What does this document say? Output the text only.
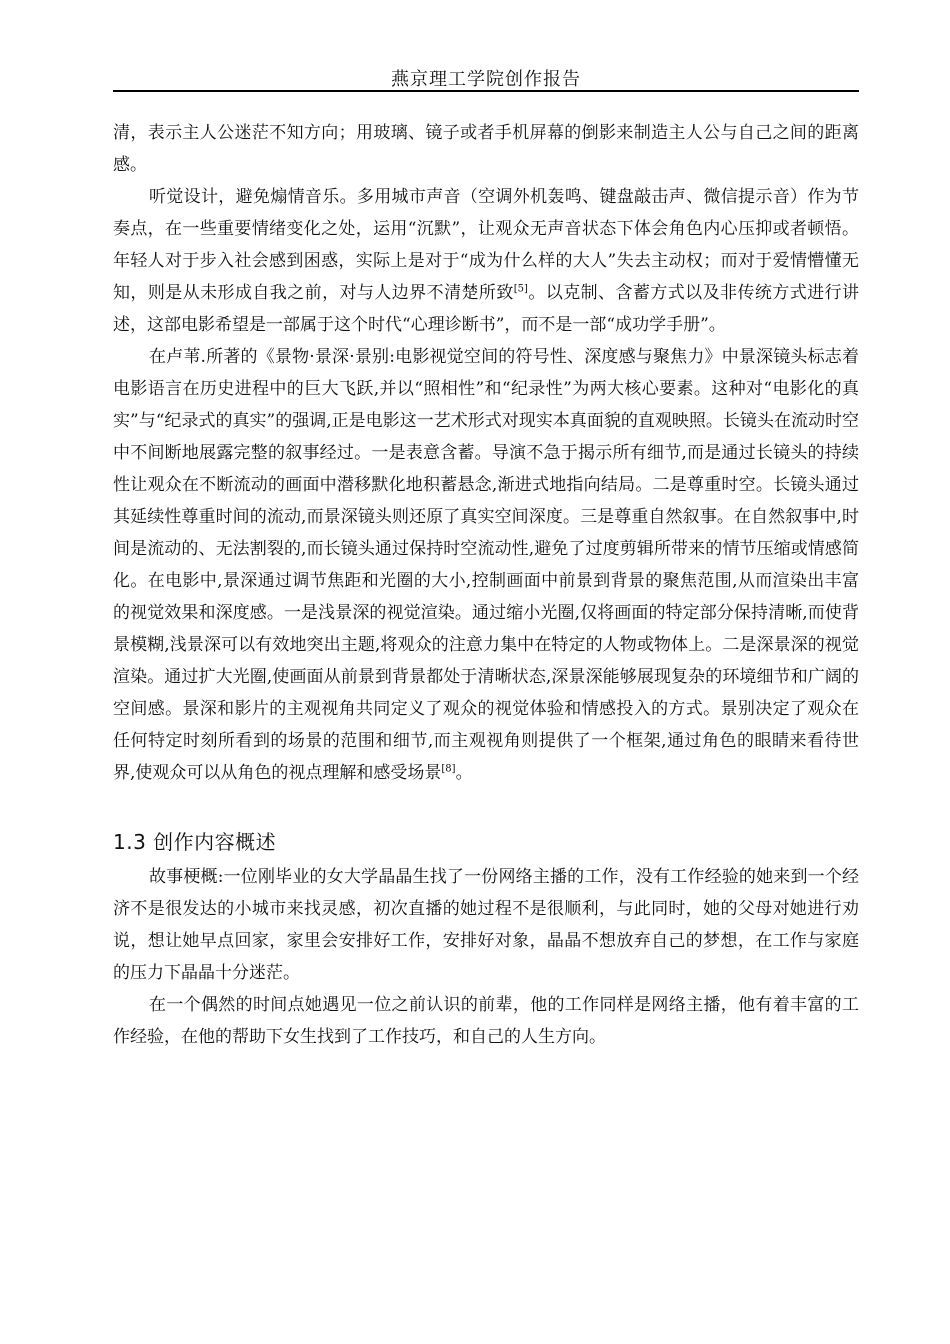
燕京理工学院创作报告

清，表示主人公迷茫不知方向；用玻璃、镜子或者手机屏幕的倒影来制造主人公与自己之间的距离感。

听觉设计，避免煽情音乐。多用城市声音（空调外机轰鸣、键盘敲击声、微信提示音）作为节奏点，在一些重要情绪变化之处，运用“沉默”，让观众无声音状态下体会角色内心压抑或者顿悟。年轻人对于步入社会感到困惑，实际上是对于“成为什么样的大人”失去主动权；而对于爱情懵懂无知，则是从未形成自我之前，对与人边界不清楚所致[5]。以克制、含蓄方式以及非传统方式进行讲述，这部电影希望是一部属于这个时代“心理诊断书”，而不是一部“成功学手册”。

在卢苇.所著的《景物·景深·景别:电影视觉空间的符号性、深度感与聚焦力》中景深镜头标志着电影语言在历史进程中的巨大飞跃,并以“照相性”和“纪录性”为两大核心要素。这种对“电影化的真实”与“纪录式的真实”的强调,正是电影这一艺术形式对现实本真面貌的直观映照。长镜头在流动时空中不间断地展露完整的叙事经过。一是表意含蓄。导演不急于揭示所有细节,而是通过长镜头的持续性让观众在不断流动的画面中潜移默化地积蓄悬念,渐进式地指向结局。二是尊重时空。长镜头通过其延续性尊重时间的流动,而景深镜头则还原了真实空间深度。三是尊重自然叙事。在自然叙事中,时间是流动的、无法割裂的,而长镜头通过保持时空流动性,避免了过度剪辑所带来的情节压缩或情感简化。在电影中,景深通过调节焦距和光圈的大小,控制画面中前景到背景的聚焦范围,从而渲染出丰富的视觉效果和深度感。一是浅景深的视觉渲染。通过缩小光圈,仅将画面的特定部分保持清晰,而使背景模糊,浅景深可以有效地突出主题,将观众的注意力集中在特定的人物或物体上。二是深景深的视觉渲染。通过扩大光圈,使画面从前景到背景都处于清晰状态,深景深能够展现复杂的环境细节和广阔的空间感。景深和影片的主观视角共同定义了观众的视觉体验和情感投入的方式。景别决定了观众在任何特定时刻所看到的场景的范围和细节,而主观视角则提供了一个框架,通过角色的眼睛来看待世界,使观众可以从角色的视点理解和感受场景[8]。

1.3 创作内容概述

故事梗概:一位刚毕业的女大学晶晶生找了一份网络主播的工作，没有工作经验的她来到一个经济不是很发达的小城市来找灵感，初次直播的她过程不是很顺利，与此同时，她的父母对她进行劝说，想让她早点回家，家里会安排好工作，安排好对象，晶晶不想放弃自己的梦想，在工作与家庭的压力下晶晶十分迷茫。

在一个偶然的时间点她遇见一位之前认识的前辈，他的工作同样是网络主播，他有着丰富的工作经验，在他的帮助下女生找到了工作技巧，和自己的人生方向。
